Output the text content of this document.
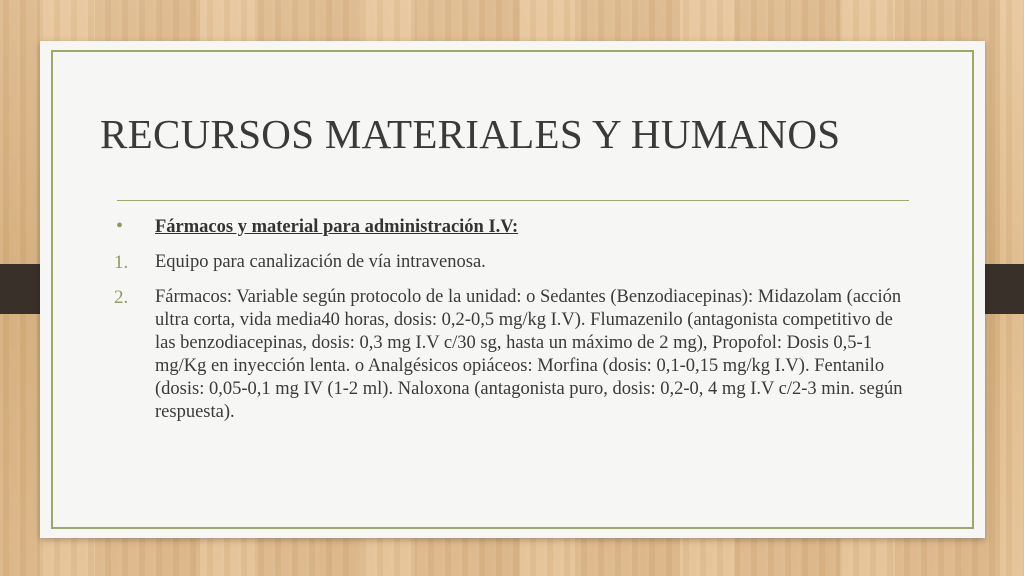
RECURSOS MATERIALES Y HUMANOS
• Fármacos y material para administración I.V:
1. Equipo para canalización de vía intravenosa.
2. Fármacos: Variable según protocolo de la unidad: o Sedantes (Benzodiacepinas): Midazolam (acción ultra corta, vida media40 horas, dosis: 0,2-0,5 mg/kg I.V). Flumazenilo (antagonista competitivo de las benzodiacepinas, dosis: 0,3 mg I.V c/30 sg, hasta un máximo de 2 mg), Propofol: Dosis 0,5-1 mg/Kg en inyección lenta. o Analgésicos opiáceos: Morfina (dosis: 0,1-0,15 mg/kg I.V). Fentanilo (dosis: 0,05-0,1 mg IV (1-2 ml). Naloxona (antagonista puro, dosis: 0,2-0, 4 mg I.V c/2-3 min. según respuesta).
